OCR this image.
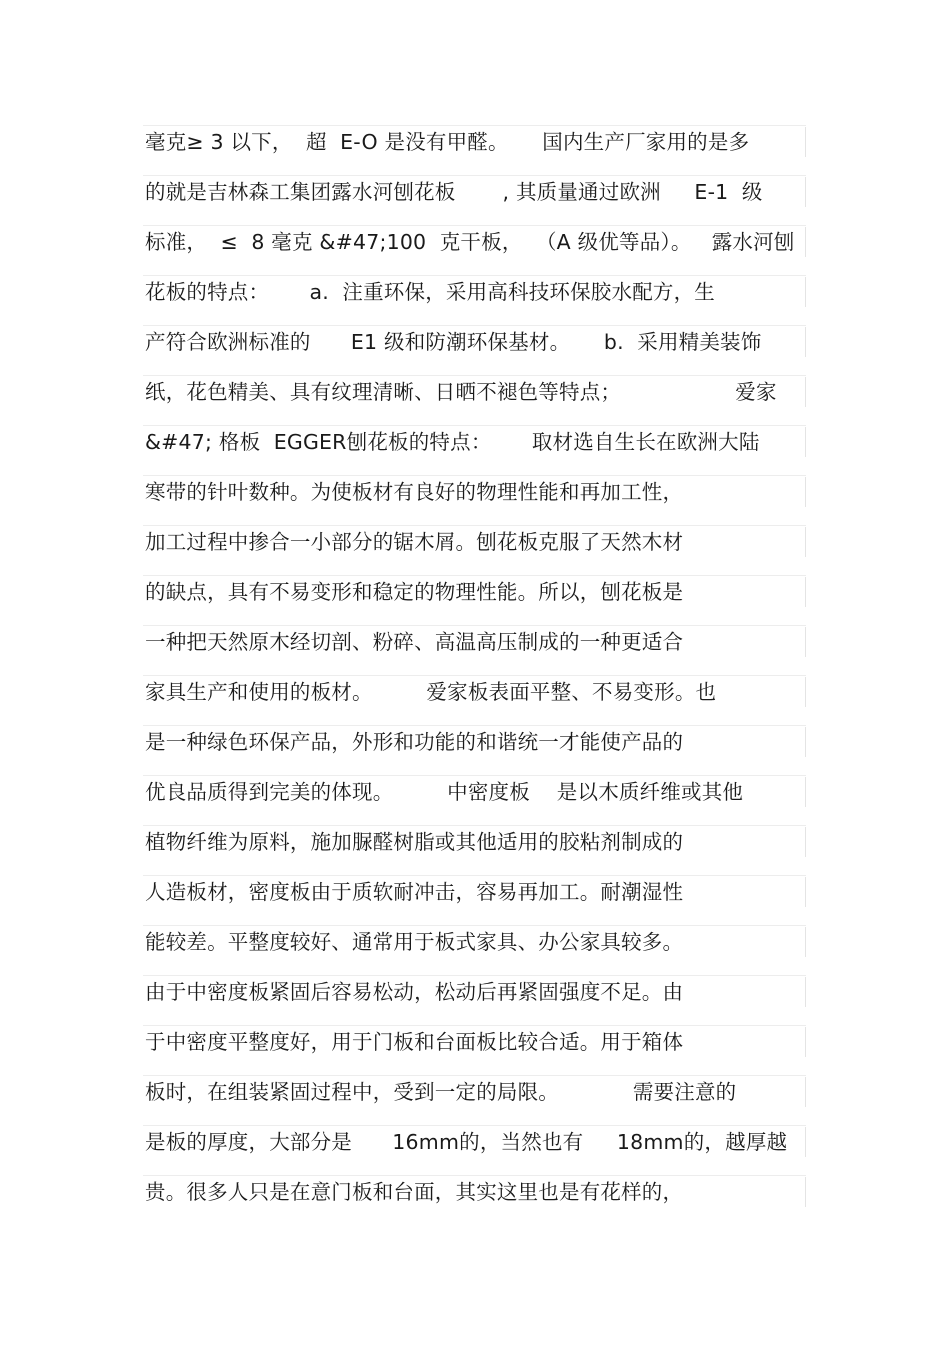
毫克≥ 3 以下，  超  E-O 是没有甲醛。     国内生产厂家用的是多
的就是吉林森工集团露水河刨花板       , 其质量通过欧洲     E-1  级
标准，  ≤  8 毫克 &#47;100  克干板，  （A 级优等品）。   露水河刨
花板的特点：      a.  注重环保，采用高科技环保胶水配方，生
产符合欧洲标准的      E1 级和防潮环保基材。     b.  采用精美装饰
纸，花色精美、具有纹理清晰、日晒不褪色等特点；                 爱家
&#47; 格板  EGGER刨花板的特点：      取材选自生长在欧洲大陆
寒带的针叶数种。为使板材有良好的物理性能和再加工性，
加工过程中掺合一小部分的锯木屑。刨花板克服了天然木材
的缺点，具有不易变形和稳定的物理性能。所以，刨花板是
一种把天然原木经切剖、粉碎、高温高压制成的一种更适合
家具生产和使用的板材。        爱家板表面平整、不易变形。也
是一种绿色环保产品，外形和功能的和谐统一才能使产品的
优良品质得到完美的体现。        中密度板    是以木质纤维或其他
植物纤维为原料，施加脲醛树脂或其他适用的胶粘剂制成的
人造板材，密度板由于质软耐冲击，容易再加工。耐潮湿性
能较差。平整度较好、通常用于板式家具、办公家具较多。
由于中密度板紧固后容易松动，松动后再紧固强度不足。由
于中密度平整度好，用于门板和台面板比较合适。用于箱体
板时，在组装紧固过程中，受到一定的局限。           需要注意的
是板的厚度，大部分是      16mm的，当然也有     18mm的，越厚越
贵。很多人只是在意门板和台面，其实这里也是有花样的，
